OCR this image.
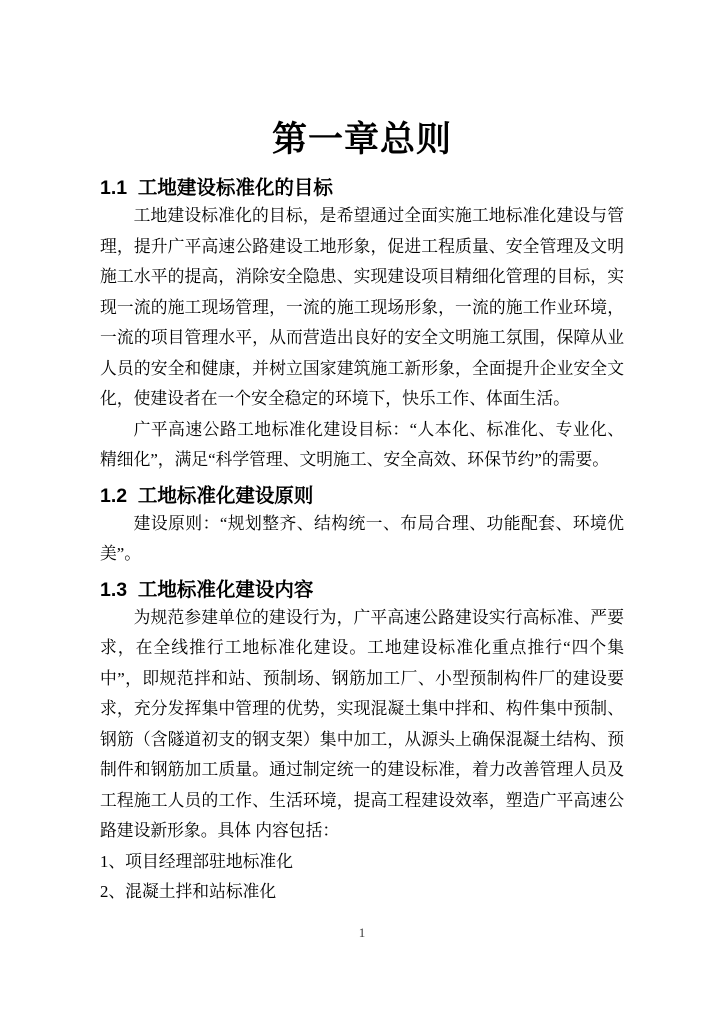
第一章总则
1.1 工地建设标准化的目标

工地建设标准化的目标，是希望通过全面实施工地标准化建设与管理，提升广平高速公路建设工地形象，促进工程质量、安全管理及文明施工水平的提高，消除安全隐患、实现建设项目精细化管理的目标，实现一流的施工现场管理，一流的施工现场形象，一流的施工作业环境，一流的项目管理水平，从而营造出良好的安全文明施工氛围，保障从业人员的安全和健康，并树立国家建筑施工新形象，全面提升企业安全文化，使建设者在一个安全稳定的环境下，快乐工作、体面生活。

广平高速公路工地标准化建设目标：“人本化、标准化、专业化、精细化”，满足“科学管理、文明施工、安全高效、环保节约”的需要。

1.2 工地标准化建设原则

建设原则：“规划整齐、结构统一、布局合理、功能配套、环境优美”。

1.3 工地标准化建设内容

为规范参建单位的建设行为，广平高速公路建设实行高标准、严要求，在全线推行工地标准化建设。工地建设标准化重点推行“四个集中”，即规范拌和站、预制场、钢筋加工厂、小型预制构件厂的建设要求，充分发挥集中管理的优势，实现混凝土集中拌和、构件集中预制、钢筋（含隧道初支的钢支架）集中加工，从源头上确保混凝土结构、预制件和钢筋加工质量。通过制定统一的建设标准，着力改善管理人员及工程施工人员的工作、生活环境，提高工程建设效率，塑造广平高速公路建设新形象。具体 内容包括：

1、项目经理部驻地标准化

2、混凝土拌和站标准化

1
